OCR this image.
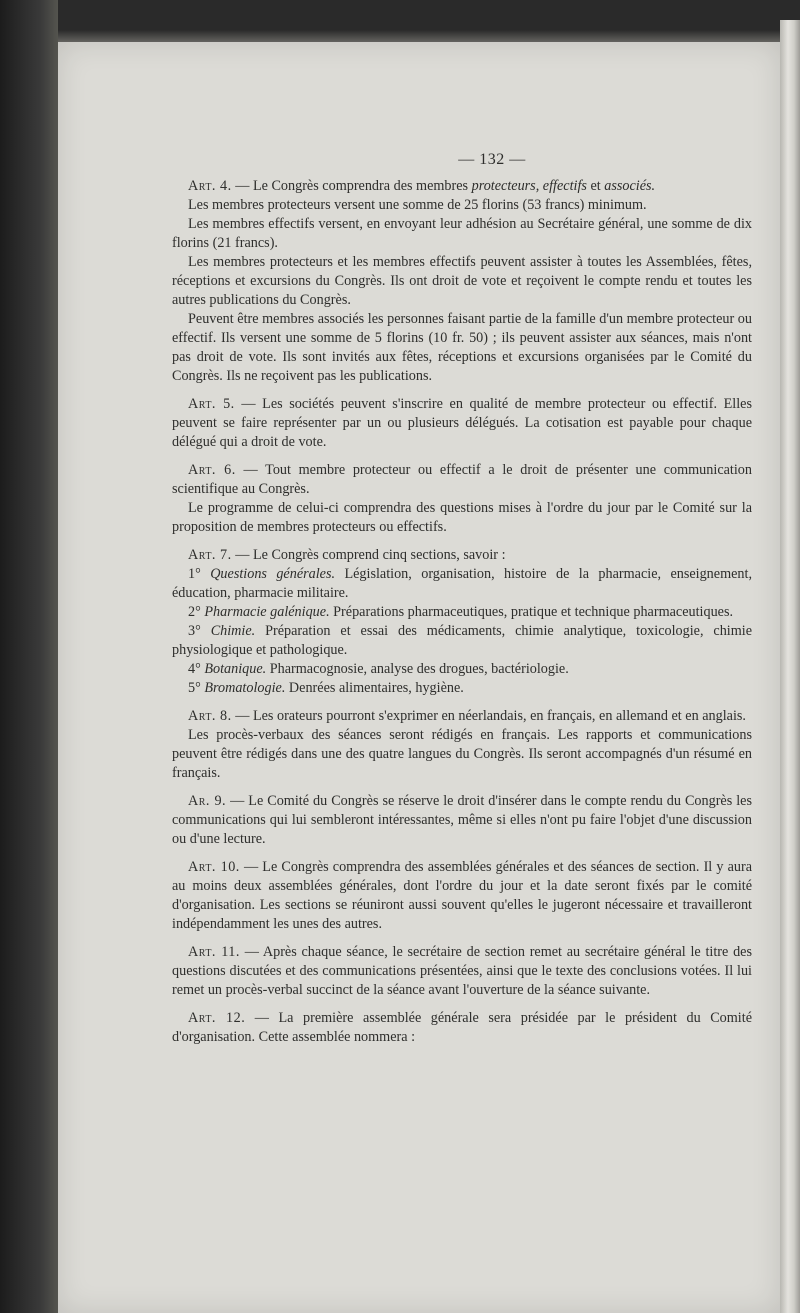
— 132 —

Art. 4. — Le Congrès comprendra des membres protecteurs, effectifs et associés.

Les membres protecteurs versent une somme de 25 florins (53 francs) minimum.

Les membres effectifs versent, en envoyant leur adhésion au Secrétaire général, une somme de dix florins (21 francs).

Les membres protecteurs et les membres effectifs peuvent assister à toutes les Assemblées, fêtes, réceptions et excursions du Congrès. Ils ont droit de vote et reçoivent le compte rendu et toutes les autres publications du Congrès.

Peuvent être membres associés les personnes faisant partie de la famille d'un membre protecteur ou effectif. Ils versent une somme de 5 florins (10 fr. 50) ; ils peuvent assister aux séances, mais n'ont pas droit de vote. Ils sont invités aux fêtes, réceptions et excursions organisées par le Comité du Congrès. Ils ne reçoivent pas les publications.

Art. 5. — Les sociétés peuvent s'inscrire en qualité de membre protecteur ou effectif. Elles peuvent se faire représenter par un ou plusieurs délégués. La cotisation est payable pour chaque délégué qui a droit de vote.

Art. 6. — Tout membre protecteur ou effectif a le droit de présenter une communication scientifique au Congrès.

Le programme de celui-ci comprendra des questions mises à l'ordre du jour par le Comité sur la proposition de membres protecteurs ou effectifs.

Art. 7. — Le Congrès comprend cinq sections, savoir :

1° Questions générales. Législation, organisation, histoire de la pharmacie, enseignement, éducation, pharmacie militaire.

2° Pharmacie galénique. Préparations pharmaceutiques, pratique et technique pharmaceutiques.

3° Chimie. Préparation et essai des médicaments, chimie analytique, toxicologie, chimie physiologique et pathologique.

4° Botanique. Pharmacognosie, analyse des drogues, bactériologie.

5° Bromatologie. Denrées alimentaires, hygiène.

Art. 8. — Les orateurs pourront s'exprimer en néerlandais, en français, en allemand et en anglais.

Les procès-verbaux des séances seront rédigés en français. Les rapports et communications peuvent être rédigés dans une des quatre langues du Congrès. Ils seront accompagnés d'un résumé en français.

Ar. 9. — Le Comité du Congrès se réserve le droit d'insérer dans le compte rendu du Congrès les communications qui lui sembleront intéressantes, même si elles n'ont pu faire l'objet d'une discussion ou d'une lecture.

Art. 10. — Le Congrès comprendra des assemblées générales et des séances de section. Il y aura au moins deux assemblées générales, dont l'ordre du jour et la date seront fixés par le comité d'organisation. Les sections se réuniront aussi souvent qu'elles le jugeront nécessaire et travailleront indépendamment les unes des autres.

Art. 11. — Après chaque séance, le secrétaire de section remet au secrétaire général le titre des questions discutées et des communications présentées, ainsi que le texte des conclusions votées. Il lui remet un procès-verbal succinct de la séance avant l'ouverture de la séance suivante.

Art. 12. — La première assemblée générale sera présidée par le président du Comité d'organisation. Cette assemblée nommera :
